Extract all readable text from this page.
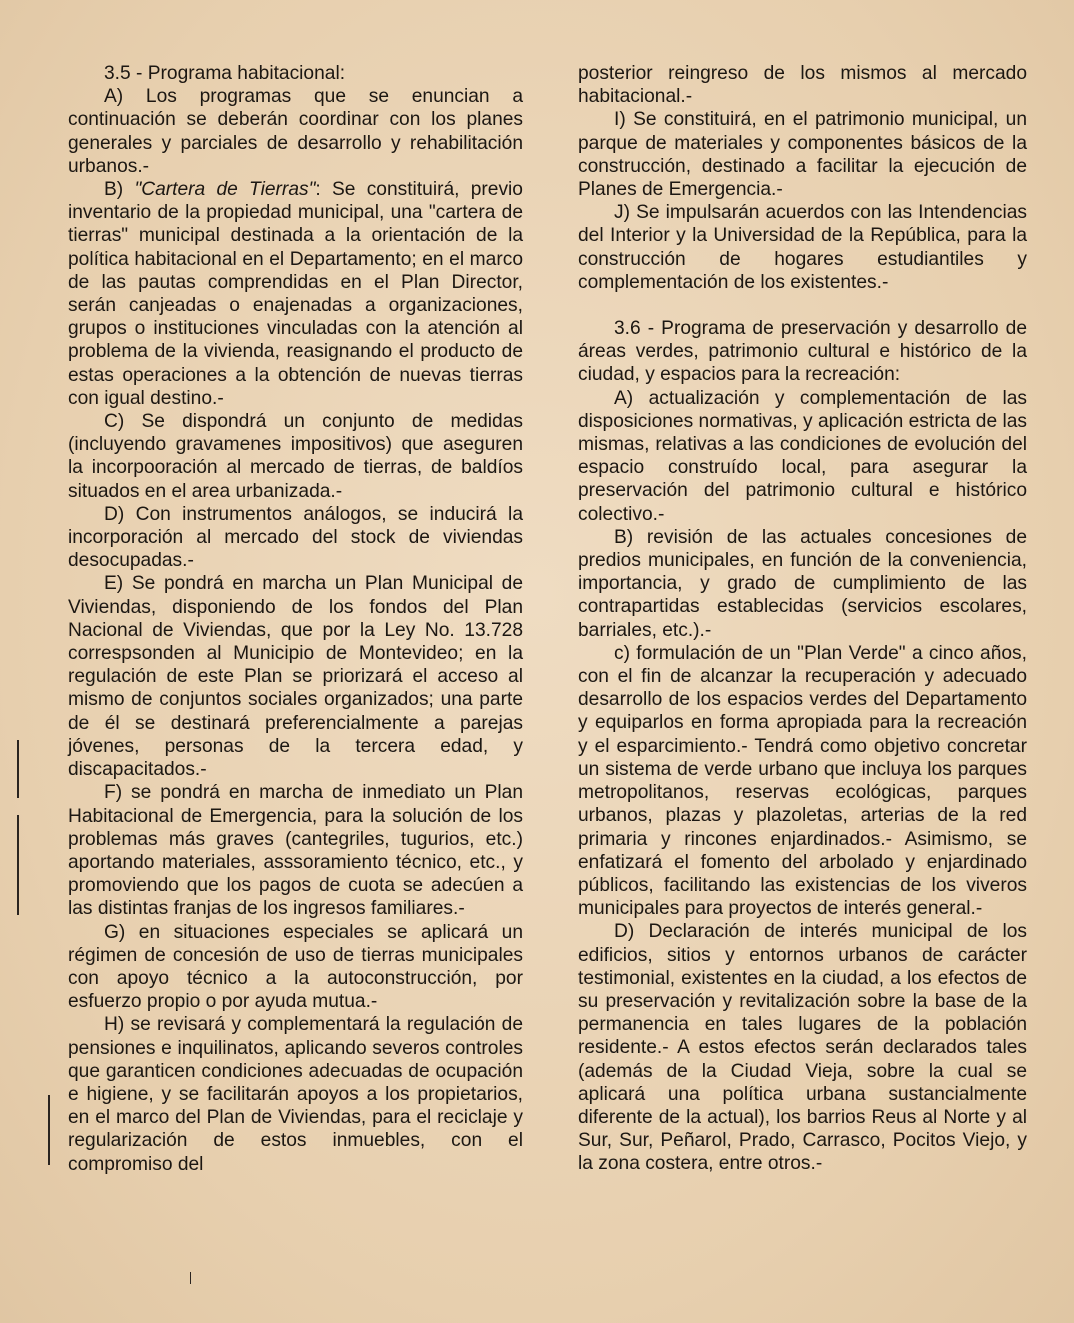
3.5 - Programa habitacional:

A) Los programas que se enuncian a continuación se deberán coordinar con los planes generales y parciales de desarrollo y rehabilitación urbanos.-

B) "Cartera de Tierras": Se constituirá, previo inventario de la propiedad municipal, una "cartera de tierras" municipal destinada a la orientación de la política habitacional en el Departamento; en el marco de las pautas comprendidas en el Plan Director, serán canjeadas o enajenadas a organizaciones, grupos o instituciones vinculadas con la atención al problema de la vivienda, reasignando el producto de estas operaciones a la obtención de nuevas tierras con igual destino.-

C) Se dispondrá un conjunto de medidas (incluyendo gravamenes impositivos) que aseguren la incorpooración al mercado de tierras, de baldíos situados en el area urbanizada.-

D) Con instrumentos análogos, se inducirá la incorporación al mercado del stock de viviendas desocupadas.-

E) Se pondrá en marcha un Plan Municipal de Viviendas, disponiendo de los fondos del Plan Nacional de Viviendas, que por la Ley No. 13.728 correspsonden al Municipio de Montevideo; en la regulación de este Plan se priorizará el acceso al mismo de conjuntos sociales organizados; una parte de él se destinará preferencialmente a parejas jóvenes, personas de la tercera edad, y discapacitados.-

F) se pondrá en marcha de inmediato un Plan Habitacional de Emergencia, para la solución de los problemas más graves (cantegriles, tugurios, etc.) aportando materiales, asssoramiento técnico, etc., y promoviendo que los pagos de cuota se adecúen a las distintas franjas de los ingresos familiares.-

G) en situaciones especiales se aplicará un régimen de concesión de uso de tierras municipales con apoyo técnico a la autoconstrucción, por esfuerzo propio o por ayuda mutua.-

H) se revisará y complementará la regulación de pensiones e inquilinatos, aplicando severos controles que garanticen condiciones adecuadas de ocupación e higiene, y se facilitarán apoyos a los propietarios, en el marco del Plan de Viviendas, para el reciclaje y regularización de estos inmuebles, con el compromiso del

posterior reingreso de los mismos al mercado habitacional.-

I) Se constituirá, en el patrimonio municipal, un parque de materiales y componentes básicos de la construcción, destinado a facilitar la ejecución de Planes de Emergencia.-

J) Se impulsarán acuerdos con las Intendencias del Interior y la Universidad de la República, para la construcción de hogares estudiantiles y complementación de los existentes.-

3.6 - Programa de preservación y desarrollo de áreas verdes, patrimonio cultural e histórico de la ciudad, y espacios para la recreación:

A) actualización y complementación de las disposiciones normativas, y aplicación estricta de las mismas, relativas a las condiciones de evolución del espacio construído local, para asegurar la preservación del patrimonio cultural e histórico colectivo.-

B) revisión de las actuales concesiones de predios municipales, en función de la conveniencia, importancia, y grado de cumplimiento de las contrapartidas establecidas (servicios escolares, barriales, etc.).-

c) formulación de un "Plan Verde" a cinco años, con el fin de alcanzar la recuperación y adecuado desarrollo de los espacios verdes del Departamento y equiparlos en forma apropiada para la recreación y el esparcimiento.- Tendrá como objetivo concretar un sistema de verde urbano que incluya los parques metropolitanos, reservas ecológicas, parques urbanos, plazas y plazoletas, arterias de la red primaria y rincones enjardinados.- Asimismo, se enfatizará el fomento del arbolado y enjardinado públicos, facilitando las existencias de los viveros municipales para proyectos de interés general.-

D) Declaración de interés municipal de los edificios, sitios y entornos urbanos de carácter testimonial, existentes en la ciudad, a los efectos de su preservación y revitalización sobre la base de la permanencia en tales lugares de la población residente.- A estos efectos serán declarados tales (además de la Ciudad Vieja, sobre la cual se aplicará una política urbana sustancialmente diferente de la actual), los barrios Reus al Norte y al Sur, Sur, Peñarol, Prado, Carrasco, Pocitos Viejo, y la zona costera, entre otros.-
